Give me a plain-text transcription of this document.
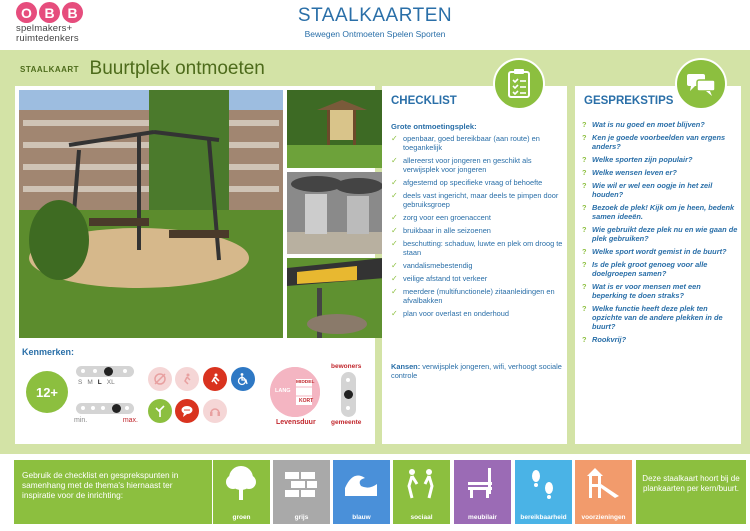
O B B
spelmakers+
ruimtedenkers
STAALKAARTEN
Bewegen Ontmoeten Spelen Sporten
STAALKAART Buurtplek ontmoeten
Kenmerken:
12+
S M L XL
min.	max.
LANG
MIDDEL
KORT
Levensduur
bewoners
gemeente
CHECKLIST
Grote ontmoetingsplek:
✓ openbaar, goed bereikbaar (aan route) en toegankelijk
✓ allereerst voor jongeren en geschikt als verwijsplek voor jongeren
✓ afgestemd op specifieke vraag of behoefte
✓ deels vast ingericht, maar deels te pimpen door gebruiksgroep
✓ zorg voor een groenaccent
✓ bruikbaar in alle seizoenen
✓ beschutting: schaduw, luwte en plek om droog te staan
✓ vandalismebestendig
✓ veilige afstand tot verkeer
✓ meerdere (multifunctionele) zitaanleidingen en afvalbakken
✓ plan voor overlast en onderhoud
Kansen: verwijsplek jongeren, wifi, verhoogt sociale controle
GESPREKSTIPS
? Wat is nu goed en moet blijven?
? Ken je goede voorbeelden van ergens anders?
? Welke sporten zijn populair?
? Welke wensen leven er?
? Wie wil er wel een oogje in het zeil houden?
? Bezoek de plek! Kijk om je heen, bedenk samen ideeën.
? Wie gebruikt deze plek nu en wie gaan de plek gebruiken?
? Welke sport wordt gemist in de buurt?
? Is de plek groot genoeg voor alle doelgroepen samen?
? Wat is er voor mensen met een beperking te doen straks?
? Welke functie heeft deze plek ten opzichte van de andere plekken in de buurt?
? Rookvrij?
Gebruik de checklist en gesprekspunten in samenhang met de thema's hiernaast ter inspiratie voor de inrichting:
groen	grijs	blauw	sociaal	meubilair	bereikbaarheid	voorzieningen
Deze staalkaart hoort bij de plankaarten per kern/buurt.
